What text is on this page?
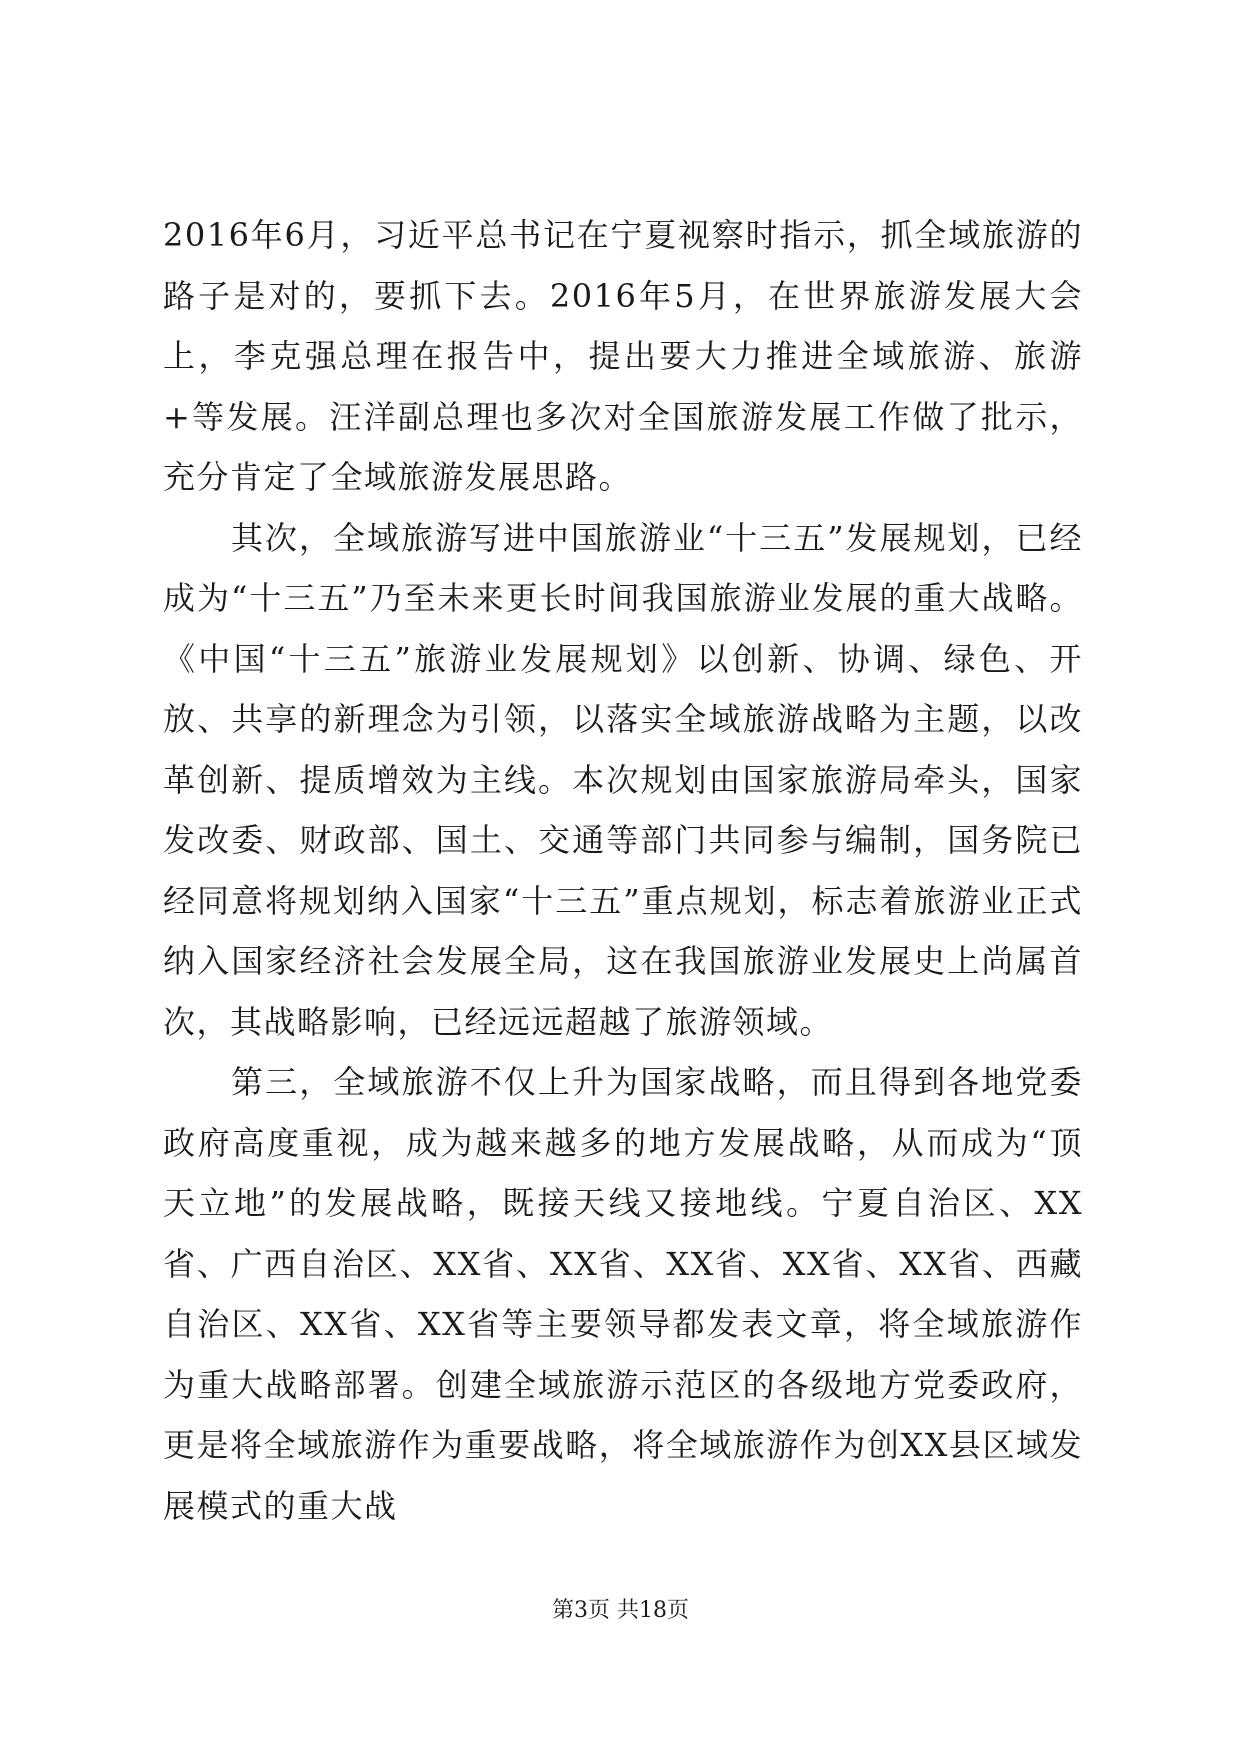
2016年6月，习近平总书记在宁夏视察时指示，抓全域旅游的路子是对的，要抓下去。2016年5月，在世界旅游发展大会上，李克强总理在报告中，提出要大力推进全域旅游、旅游+等发展。汪洋副总理也多次对全国旅游发展工作做了批示，充分肯定了全域旅游发展思路。

其次，全域旅游写进中国旅游业“十三五”发展规划，已经成为“十三五”乃至未来更长时间我国旅游业发展的重大战略。《中国“十三五”旅游业发展规划》以创新、协调、绿色、开放、共享的新理念为引领，以落实全域旅游战略为主题，以改革创新、提质增效为主线。本次规划由国家旅游局牵头，国家发改委、财政部、国土、交通等部门共同参与编制，国务院已经同意将规划纳入国家“十三五”重点规划，标志着旅游业正式纳入国家经济社会发展全局，这在我国旅游业发展史上尚属首次，其战略影响，已经远远超越了旅游领域。

第三，全域旅游不仅上升为国家战略，而且得到各地党委政府高度重视，成为越来越多的地方发展战略，从而成为“顶天立地”的发展战略，既接天线又接地线。宁夏自治区、XX省、广西自治区、XX省、XX省、XX省、XX省、XX省、西藏自治区、XX省、XX省等主要领导都发表文章，将全域旅游作为重大战略部署。创建全域旅游示范区的各级地方党委政府，更是将全域旅游作为重要战略，将全域旅游作为创XX县区域发展模式的重大战

第3页 共18页
